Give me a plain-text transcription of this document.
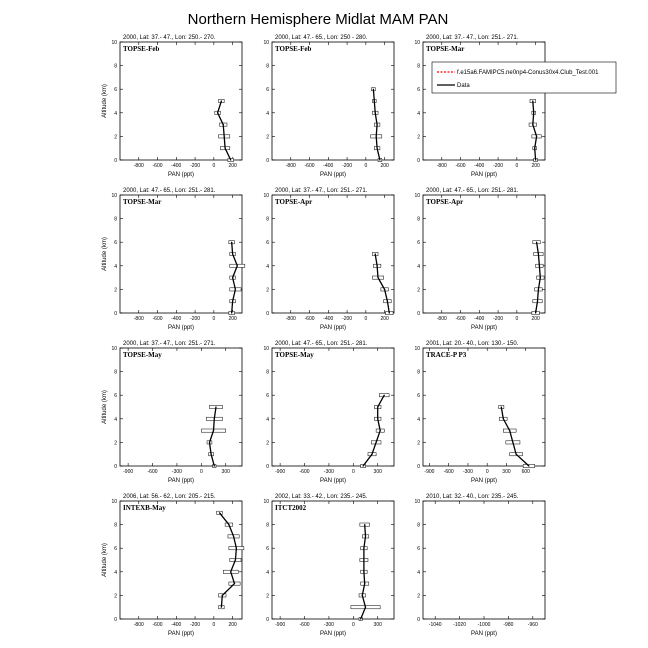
Northern Hemisphere Midlat MAM PAN
2000, Lat: 37.- 47., Lon: 250.- 270.
0
2
4
6
8
10
-800 -600 -400 -200 0	200
PAN (ppt)
Altitude (km)
TOPSE-Feb
2000, Lat: 47.- 65., Lon: 250 - 280.
0
2
4
6
8
10
-800 -600 -400 -200 0	200
PAN (ppt)
TOPSE-Feb
2000, Lat: 37.- 47., Lon: 251.- 271.
0
2
4
6
8
10
-800 -600 -400 -200 0	200
PAN (ppt)
TOPSE-Mar
2000, Lat: 47.- 65., Lon: 251.- 281.
0
2
4
6
8
10
-800 -600 -400 -200 0	200
PAN (ppt)
Altitude (km)
TOPSE-Mar
2000, Lat: 37.- 47., Lon: 251.- 271.
0
2
4
6
8
10
-800 -600 -400 -200 0	200
PAN (ppt)
TOPSE-Apr
2000, Lat: 47.- 65., Lon: 251.- 281.
0
2
4
6
8
10
-800 -600 -400 -200 0	200
PAN (ppt)
TOPSE-Apr
2000, Lat: 37.- 47., Lon: 251.- 271.
0
2
4
6
8
10
-900	-600	-300	0	300
PAN (ppt)
Altitude (km)
TOPSE-May
2000, Lat: 47.- 65., Lon: 251.- 281.
0
2
4
6
8
10
-900	-600	-300	0	300
PAN (ppt)
TOPSE-May
2001, Lat: 20.- 40., Lon: 130.- 150.
0
2
4
6
8
10
-900 -600 -300	0	300 600
PAN (ppt)
TRACE-P P3
2006, Lat: 56.- 62., Lon: 205.- 215.
0
2
4
6
8
10
-800 -600 -400 -200 0	200
PAN (ppt)
Altitude (km)
INTEXB-May
2002, Lat: 33.- 42., Lon: 235.- 245.
0
2
4
6
8
10
-900	-600	-300	0	300
PAN (ppt)
ITCT2002
2010, Lat: 32.- 40., Lon: 235.- 245.
0
2
4
6
8
10
-1040 -1020 -1000	-980	-960
PAN (ppt)
f.e15a6.FAMIPC5.ne0np4-Conus30x4.Club_Test.001
Data
